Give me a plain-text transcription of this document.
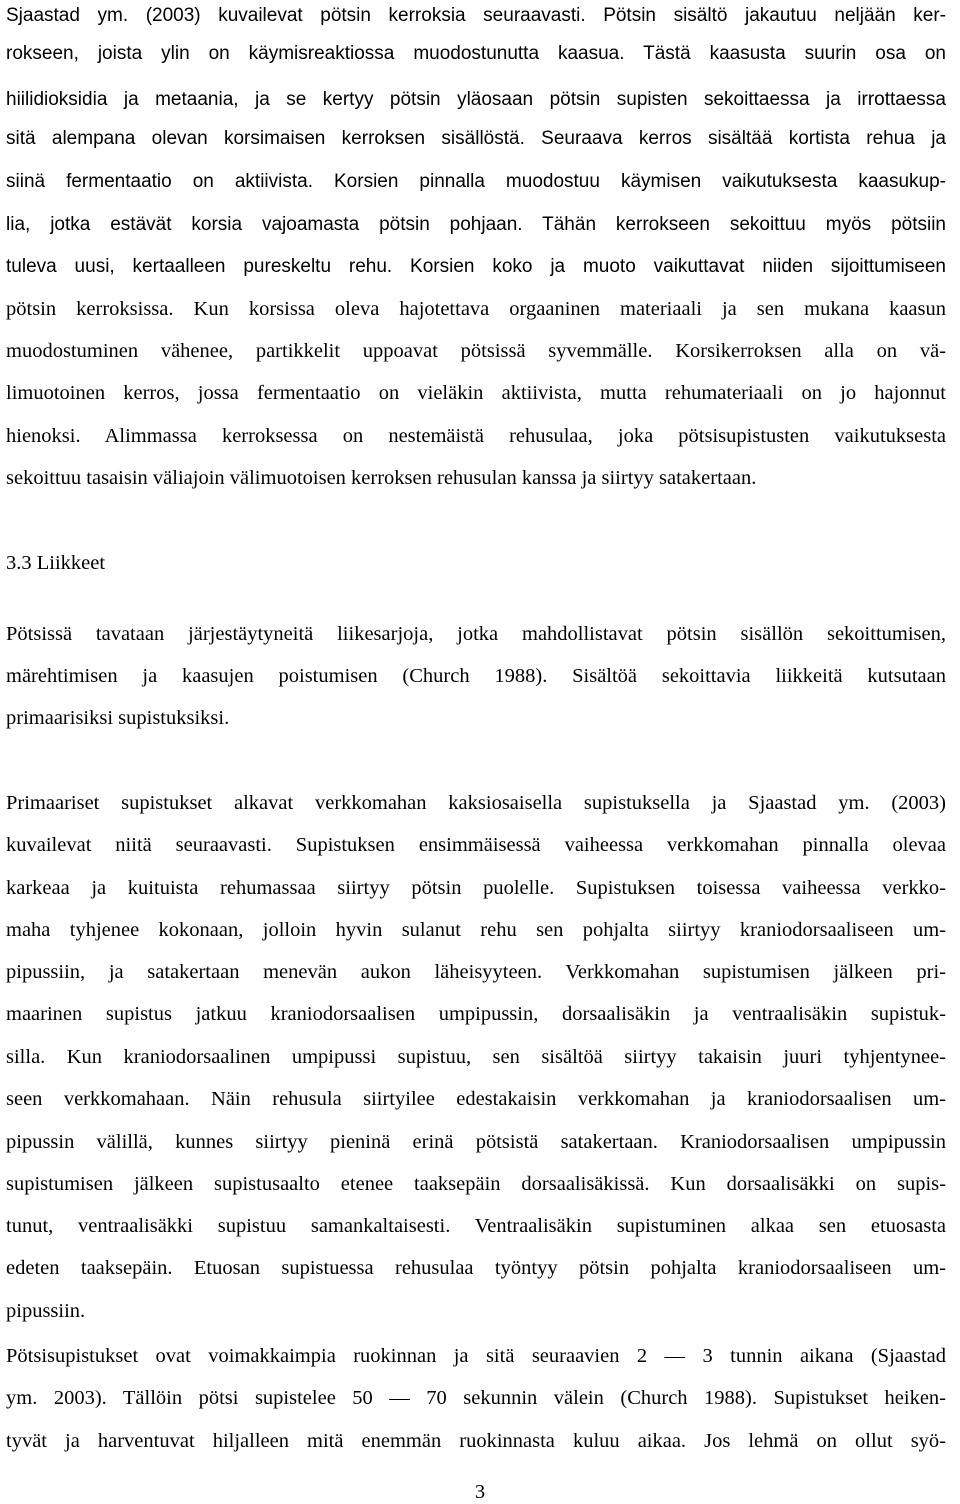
Sjaastad ym. (2003) kuvailevat pötsin kerroksia seuraavasti. Pötsin sisältö jakautuu neljään ker-
rokseen, joista ylin on käymisreaktiossa muodostunutta kaasua. Tästä kaasusta suurin osa on
hiilidioksidia ja metaania, ja se kertyy pötsin yläosaan pötsin supisten sekoittaessa ja irrottaessa
sitä alempana olevan korsimaisen kerroksen sisällöstä. Seuraava kerros sisältää kortista rehua ja
siinä fermentaatio on aktiivista. Korsien pinnalla muodostuu käymisen vaikutuksesta kaasukup-
lia, jotka estävät korsia vajoamasta pötsin pohjaan. Tähän kerrokseen sekoittuu myös pötsiin
tuleva uusi, kertaalleen pureskeltu rehu. Korsien koko ja muoto vaikuttavat niiden sijoittumiseen
pötsin kerroksissa. Kun korsissa oleva hajotettava orgaaninen materiaali ja sen mukana kaasun
muodostuminen vähenee, partikkelit uppoavat pötsissä syvemmälle. Korsikerroksen alla on vä-
limuotoinen kerros, jossa fermentaatio on vieläkin aktiivista, mutta rehumateriaali on jo hajonnut
hienoksi. Alimmassa kerroksessa on nestemäistä rehusulaa, joka pötsisupistusten vaikutuksesta
sekoittuu tasaisin väliajoin välimuotoisen kerroksen rehusulan kanssa ja siirtyy satakertaan.
3.3 Liikkeet
Pötsissä tavataan järjestäytyneitä liikesarjoja, jotka mahdollistavat pötsin sisällön sekoittumisen,
märehtimisen ja kaasujen poistumisen (Church 1988). Sisältöä sekoittavia liikkeitä kutsutaan
primaarisiksi supistuksiksi.
Primaariset supistukset alkavat verkkomahan kaksiosaisella supistuksella ja Sjaastad ym. (2003)
kuvailevat niitä seuraavasti. Supistuksen ensimmäisessä vaiheessa verkkomahan pinnalla olevaa
karkeaa ja kuituista rehumassaa siirtyy pötsin puolelle. Supistuksen toisessa vaiheessa verkko-
maha tyhjenee kokonaan, jolloin hyvin sulanut rehu sen pohjalta siirtyy kraniodorsaaliseen um-
pipussiin, ja satakertaan menevän aukon läheisyyteen. Verkkomahan supistumisen jälkeen pri-
maarinen supistus jatkuu kraniodorsaalisen umpipussin, dorsaalisäkin ja ventraalisäkin supistuk-
silla. Kun kraniodorsaalinen umpipussi supistuu, sen sisältöä siirtyy takaisin juuri tyhjentynee-
seen verkkomahaan. Näin rehusula siirtyilee edestakaisin verkkomahan ja kraniodorsaalisen um-
pipussin välillä, kunnes siirtyy pieninä erinä pötsistä satakertaan. Kraniodorsaalisen umpipussin
supistumisen jälkeen supistusaalto etenee taaksepäin dorsaalisäkissä. Kun dorsaalisäkki on supis-
tunut, ventraalisäkki supistuu samankaltaisesti. Ventraalisäkin supistuminen alkaa sen etuosasta
edeten taaksepäin. Etuosan supistuessa rehusulaa työntyy pötsin pohjalta kraniodorsaaliseen um-
pipussiin.
Pötsisupistukset ovat voimakkaimpia ruokinnan ja sitä seuraavien 2 — 3 tunnin aikana (Sjaastad
ym. 2003). Tällöin pötsi supistelee 50 — 70 sekunnin välein (Church 1988). Supistukset heiken-
tyvät ja harventuvat hiljalleen mitä enemmän ruokinnasta kuluu aikaa. Jos lehmä on ollut syö-
3
